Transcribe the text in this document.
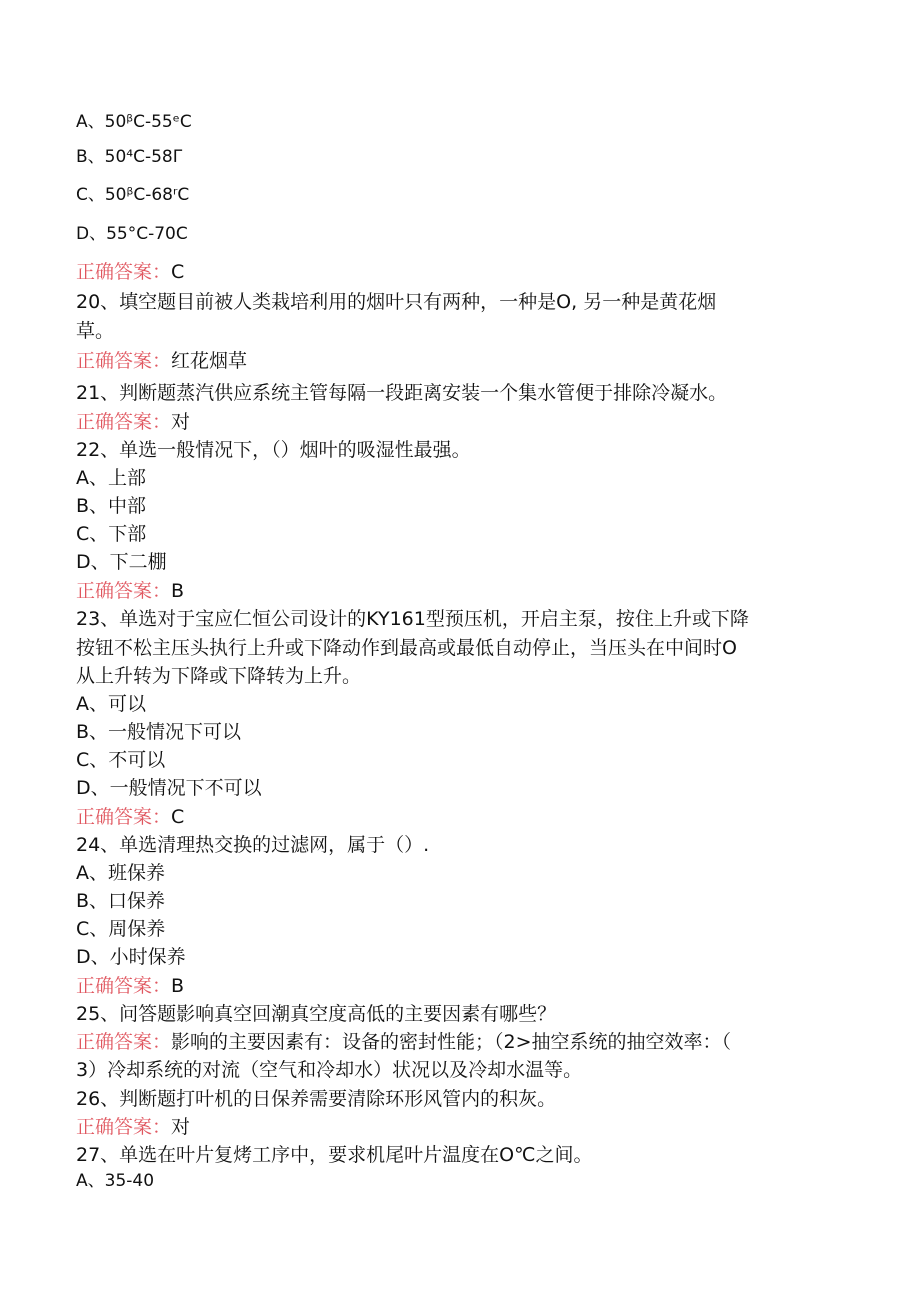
A、50ᵝC-55ᵉC
B、50⁴C-58Γ
C、50ᵝC-68ʳC
D、55°C-70C
正确答案：C
20、填空题目前被人类栽培利用的烟叶只有两种，一种是O, 另一种是黄花烟
草。
正确答案：红花烟草
21、判断题蒸汽供应系统主管每隔一段距离安装一个集水管便于排除冷凝水。
正确答案：对
22、单选一般情况下，（）烟叶的吸湿性最强。
A、上部
B、中部
C、下部
D、下二棚
正确答案：B
23、单选对于宝应仁恒公司设计的KY161型预压机，开启主泵，按住上升或下降
按钮不松主压头执行上升或下降动作到最高或最低自动停止，当压头在中间时O
从上升转为下降或下降转为上升。
A、可以
B、一般情况下可以
C、不可以
D、一般情况下不可以
正确答案：C
24、单选清理热交换的过滤网，属于（）.
A、班保养
B、口保养
C、周保养
D、小时保养
正确答案：B
25、问答题影响真空回潮真空度高低的主要因素有哪些？
正确答案：影响的主要因素有：设备的密封性能；（2>抽空系统的抽空效率：（
3）冷却系统的对流（空气和冷却水）状况以及冷却水温等。
26、判断题打叶机的日保养需要清除环形风管内的积灰。
正确答案：对
27、单选在叶片复烤工序中，要求机尾叶片温度在O℃之间。
A、35-40
